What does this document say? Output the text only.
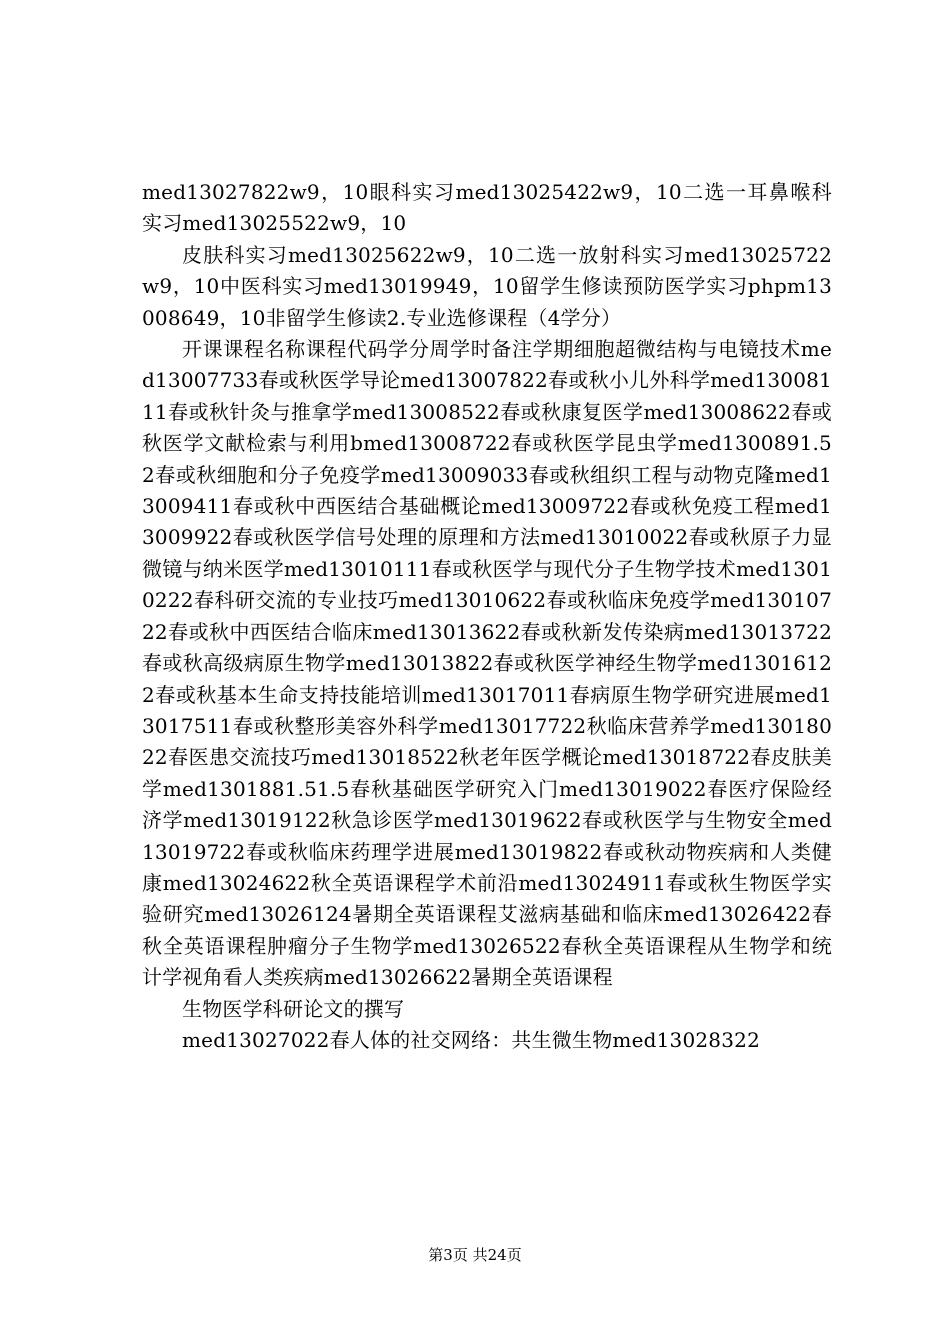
med13027822w9，10眼科实习med13025422w9，10二选一耳鼻喉科实习med13025522w9，10

皮肤科实习med13025622w9，10二选一放射科实习med13025722w9，10中医科实习med13019949，10留学生修读预防医学实习phpm13008649，10非留学生修读2.专业选修课程（4学分）

开课课程名称课程代码学分周学时备注学期细胞超微结构与电镜技术med13007733春或秋医学导论med13007822春或秋小儿外科学med13008111春或秋针灸与推拿学med13008522春或秋康复医学med13008622春或秋医学文献检索与利用bmed13008722春或秋医学昆虫学med1300891.52春或秋细胞和分子免疫学med13009033春或秋组织工程与动物克隆med13009411春或秋中西医结合基础概论med13009722春或秋免疫工程med13009922春或秋医学信号处理的原理和方法med13010022春或秋原子力显微镜与纳米医学med13010111春或秋医学与现代分子生物学技术med13010222春科研交流的专业技巧med13010622春或秋临床免疫学med13010722春或秋中西医结合临床med13013622春或秋新发传染病med13013722春或秋高级病原生物学med13013822春或秋医学神经生物学med13016122春或秋基本生命支持技能培训med13017011春病原生物学研究进展med13017511春或秋整形美容外科学med13017722秋临床营养学med13018022春医患交流技巧med13018522秋老年医学概论med13018722春皮肤美学med1301881.51.5春秋基础医学研究入门med13019022春医疗保险经济学med13019122秋急诊医学med13019622春或秋医学与生物安全med13019722春或秋临床药理学进展med13019822春或秋动物疾病和人类健康med13024622秋全英语课程学术前沿med13024911春或秋生物医学实验研究med13026124暑期全英语课程艾滋病基础和临床med13026422春秋全英语课程肿瘤分子生物学med13026522春秋全英语课程从生物学和统计学视角看人类疾病med13026622暑期全英语课程

生物医学科研论文的撰写

med13027022春人体的社交网络：共生微生物med13028322

第3页 共24页
